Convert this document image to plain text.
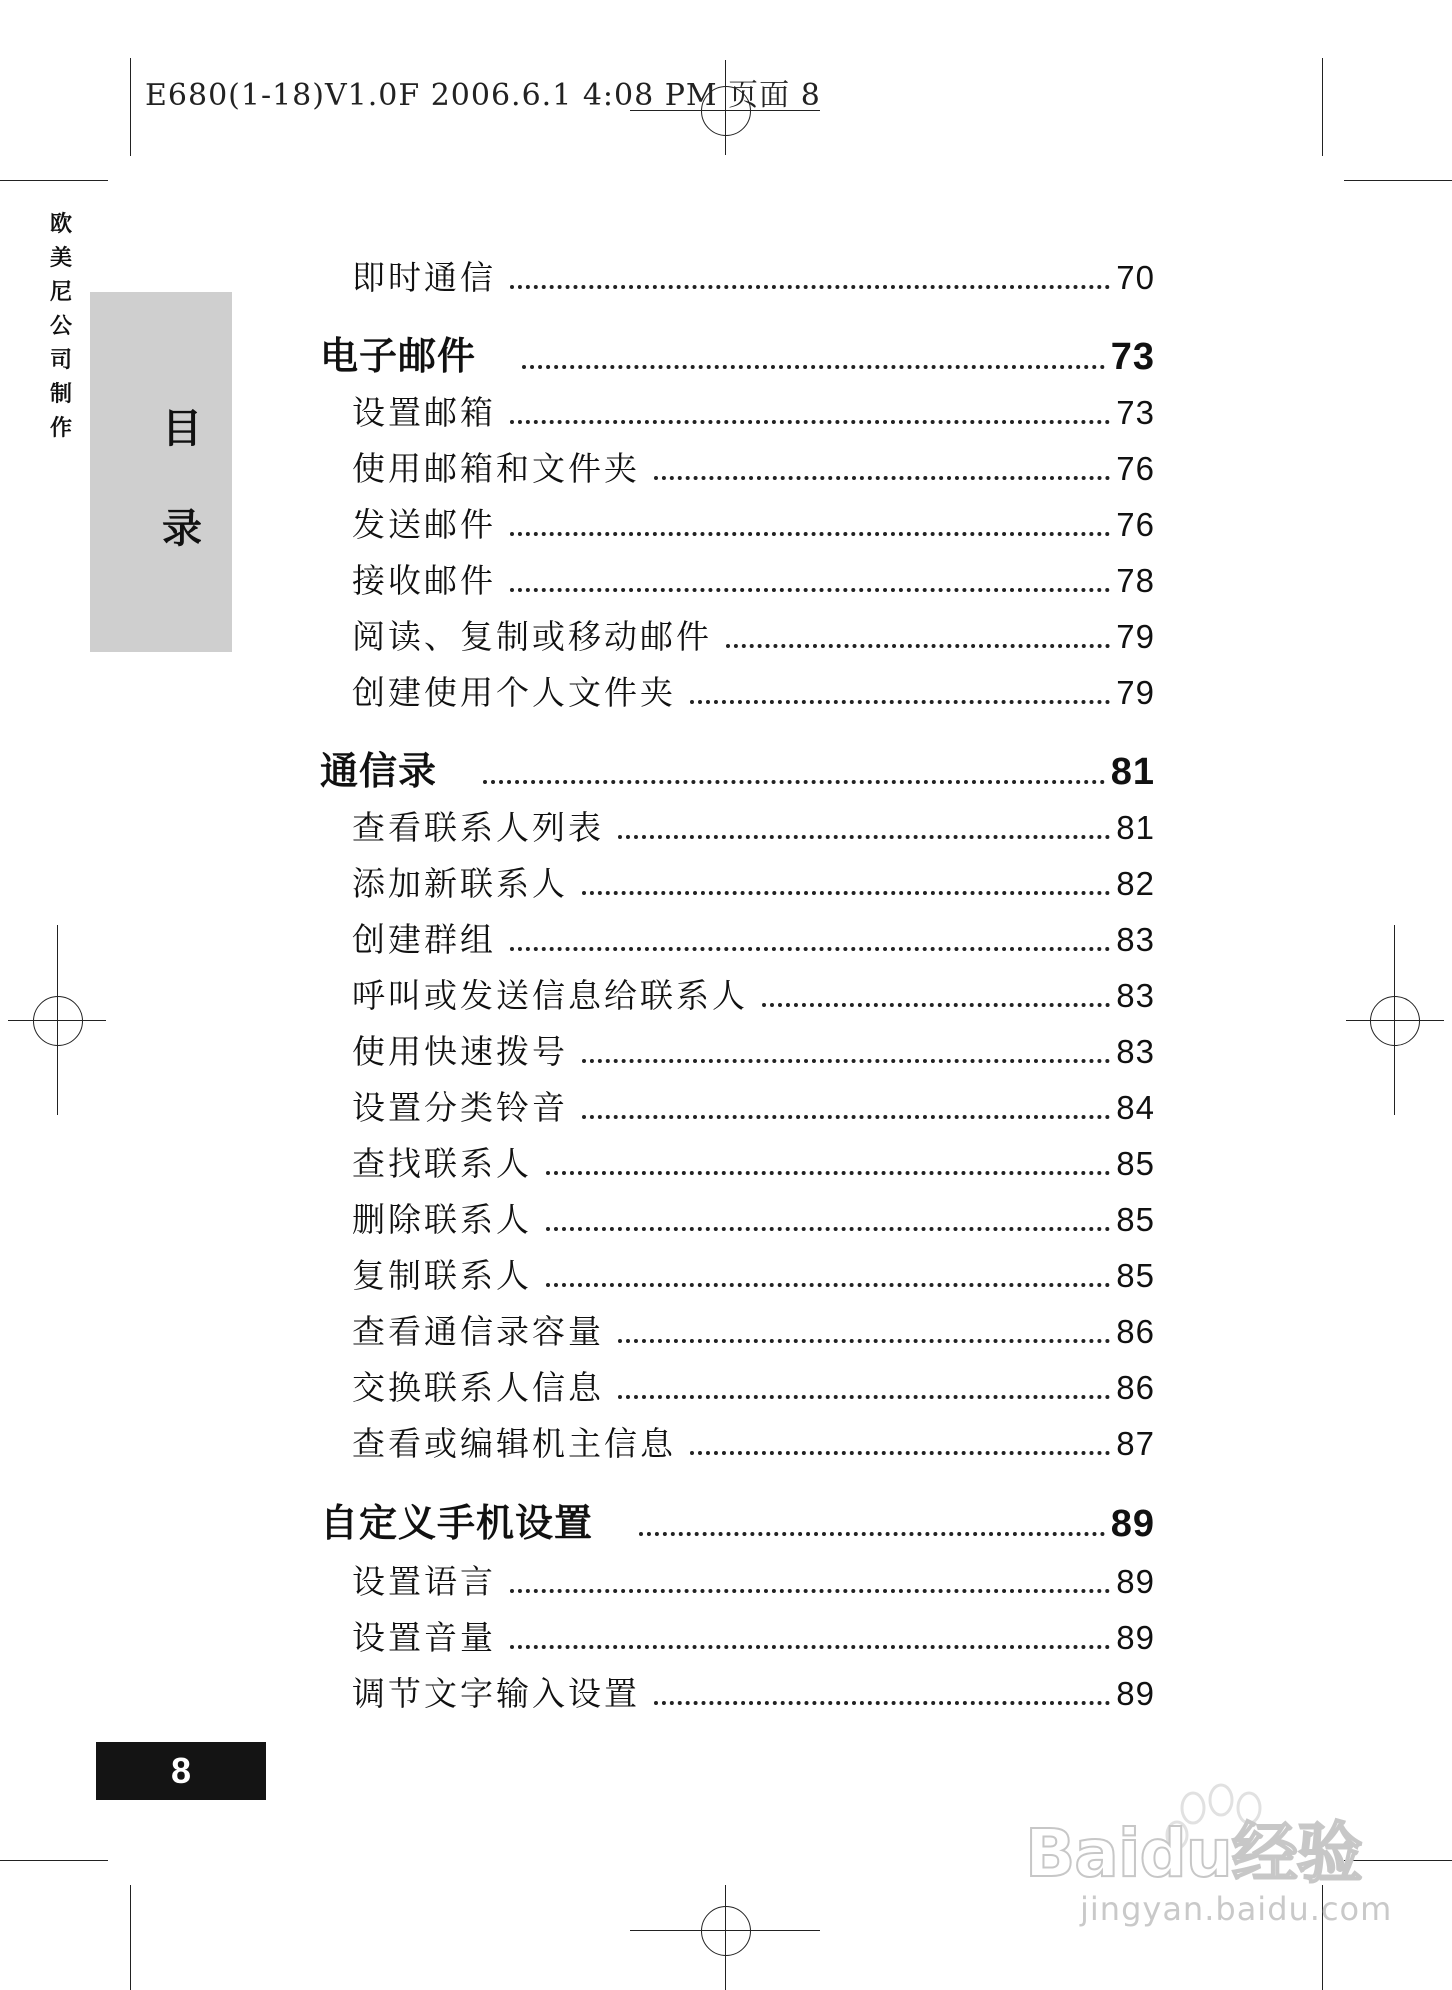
E680(1-18)V1.0F 2006.6.1 4:08 PM 页面 8
欧
美
尼
公
司
制
作 目
录
即时通信	70
电子邮件	73
设置邮箱	73
使用邮箱和文件夹	76
发送邮件	76
接收邮件	78
阅读、复制或移动邮件	79
创建使用个人文件夹	79
通信录	81
查看联系人列表	81
添加新联系人	82
创建群组	83
呼叫或发送信息给联系人	83
使用快速拨号	83
设置分类铃音	84
查找联系人	85
删除联系人	85
复制联系人	85
查看通信录容量	86
交换联系人信息	86
查看或编辑机主信息	87
自定义手机设置	89
设置语言	89
设置音量	89
调节文字输入设置	89
8
Baidu经验
jingyan.baidu.com
